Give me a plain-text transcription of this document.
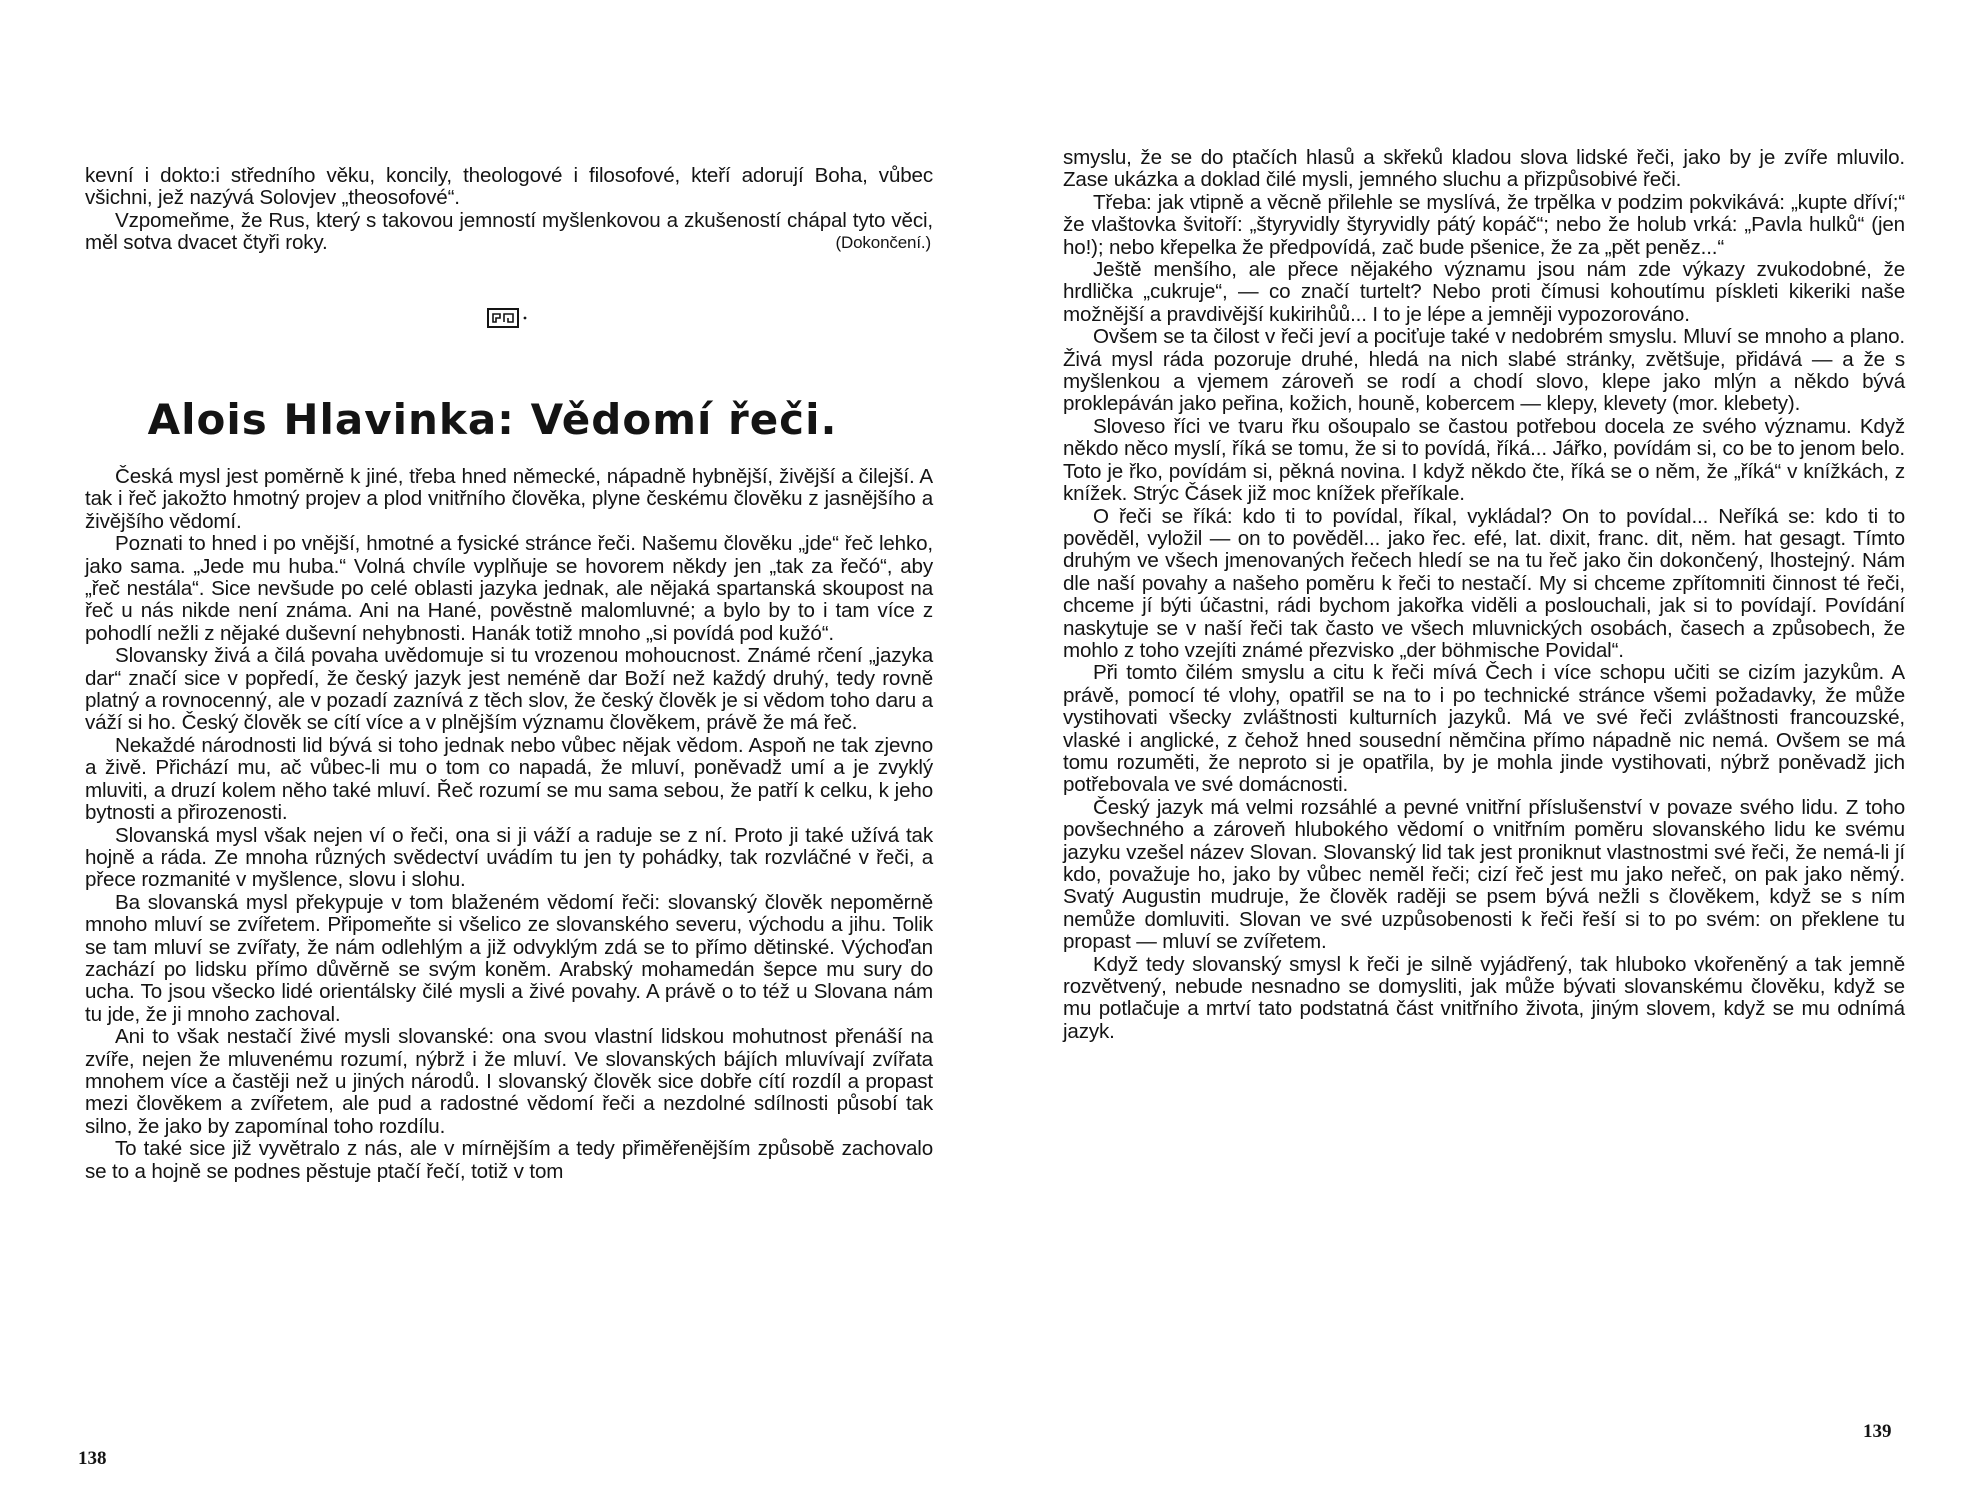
kevní i dokto:i středního věku, koncily, theologové i filosofové, kteří adorují Boha, vůbec všichni, jež nazývá Solovjev „theosofové“.

Vzpomeňme, že Rus, který s takovou jemností myšlenkovou a zkušeností chápal tyto věci, měl sotva dvacet čtyři roky.	(Dokončení.)

Alois Hlavinka: Vědomí řeči.

Česká mysl jest poměrně k jiné, třeba hned německé, nápadně hybnější, živější a čilejší. A tak i řeč jakožto hmotný projev a plod vnitřního člověka, plyne českému člověku z jasnějšího a živějšího vědomí.

Poznati to hned i po vnější, hmotné a fysické stránce řeči. Našemu člověku „jde“ řeč lehko, jako sama. „Jede mu huba.“ Volná chvíle vyplňuje se hovorem někdy jen „tak za řečó“, aby „řeč nestála“. Sice nevšude po celé oblasti jazyka jednak, ale nějaká spartanská skoupost na řeč u nás nikde není známa. Ani na Hané, pověstně malomluvné; a bylo by to i tam více z pohodlí nežli z nějaké duševní nehybnosti. Hanák totiž mnoho „si povídá pod kužó“.

Slovansky živá a čilá povaha uvědomuje si tu vrozenou mohoucnost. Známé rčení „jazyka dar“ značí sice v popředí, že český jazyk jest neméně dar Boží než každý druhý, tedy rovně platný a rovnocenný, ale v pozadí zaznívá z těch slov, že český člověk je si vědom toho daru a váží si ho. Český člověk se cítí více a v plnějším významu člověkem, právě že má řeč.

Nekaždé národnosti lid bývá si toho jednak nebo vůbec nějak vědom. Aspoň ne tak zjevno a živě. Přichází mu, ač vůbec-li mu o tom co napadá, že mluví, poněvadž umí a je zvyklý mluviti, a druzí kolem něho také mluví. Řeč rozumí se mu sama sebou, že patří k celku, k jeho bytnosti a přirozenosti.

Slovanská mysl však nejen ví o řeči, ona si ji váží a raduje se z ní. Proto ji také užívá tak hojně a ráda. Ze mnoha různých svědectví uvádím tu jen ty pohádky, tak rozvláčné v řeči, a přece rozmanité v myšlence, slovu i slohu.

Ba slovanská mysl překypuje v tom blaženém vědomí řeči: slovanský člověk nepoměrně mnoho mluví se zvířetem. Připomeňte si všelico ze slovanského severu, východu a jihu. Tolik se tam mluví se zvířaty, že nám odlehlým a již odvyklým zdá se to přímo dětinské. Výchoďan zachází po lidsku přímo důvěrně se svým koněm. Arabský mohamedán šepce mu sury do ucha. To jsou všecko lidé orientálsky čilé mysli a živé povahy. A právě o to též u Slovana nám tu jde, že ji mnoho zachoval.

Ani to však nestačí živé mysli slovanské: ona svou vlastní lidskou mohutnost přenáší na zvíře, nejen že mluvenému rozumí, nýbrž i že mluví. Ve slovanských bájích mluvívají zvířata mnohem více a častěji než u jiných národů. I slovanský člověk sice dobře cítí rozdíl a propast mezi člověkem a zvířetem, ale pud a radostné vědomí řeči a nezdolné sdílnosti působí tak silno, že jako by zapomínal toho rozdílu.

To také sice již vyvětralo z nás, ale v mírnějším a tedy přiměřenějším způsobě zachovalo se to a hojně se podnes pěstuje ptačí řečí, totiž v tom

138

smyslu, že se do ptačích hlasů a skřeků kladou slova lidské řeči, jako by je zvíře mluvilo. Zase ukázka a doklad čilé mysli, jemného sluchu a přizpůsobivé řeči.

Třeba: jak vtipně a věcně přilehle se myslívá, že trpělka v podzim pokvikává: „kupte dříví;“ že vlaštovka švitoří: „štyryvidly štyryvidly pátý kopáč“; nebo že holub vrká: „Pavla hulků“ (jen ho!); nebo křepelka že předpovídá, zač bude pšenice, že za „pět peněz...“

Ještě menšího, ale přece nějakého významu jsou nám zde výkazy zvukodobné, že hrdlička „cukruje“, — co značí turtelt? Nebo proti čímusi kohoutímu pískleti kikeriki naše možnější a pravdivější kukirihůů... I to je lépe a jemněji vypozorováno.

Ovšem se ta čilost v řeči jeví a pociťuje také v nedobrém smyslu. Mluví se mnoho a plano. Živá mysl ráda pozoruje druhé, hledá na nich slabé stránky, zvětšuje, přidává — a že s myšlenkou a vjemem zároveň se rodí a chodí slovo, klepe jako mlýn a někdo bývá proklepáván jako peřina, kožich, houně, kobercem — klepy, klevety (mor. klebety).

Sloveso říci ve tvaru řku ošoupalo se častou potřebou docela ze svého významu. Když někdo něco myslí, říká se tomu, že si to povídá, říká... Jářko, povídám si, co be to jenom belo. Toto je řko, povídám si, pěkná novina. I když někdo čte, říká se o něm, že „říká“ v knížkách, z knížek. Strýc Čásek již moc knížek přeříkale.

O řeči se říká: kdo ti to povídal, říkal, vykládal? On to povídal... Neříká se: kdo ti to pověděl, vyložil — on to pověděl... jako řec. efé, lat. dixit, franc. dit, něm. hat gesagt. Tímto druhým ve všech jmenovaných řečech hledí se na tu řeč jako čin dokončený, lhostejný. Nám dle naší povahy a našeho poměru k řeči to nestačí. My si chceme zpřítomniti činnost té řeči, chceme jí býti účastni, rádi bychom jakořka viděli a poslouchali, jak si to povídají. Povídání naskytuje se v naší řeči tak často ve všech mluvnických osobách, časech a způsobech, že mohlo z toho vzejíti známé přezvisko „der böhmische Povidal“.

Při tomto čilém smyslu a citu k řeči mívá Čech i více schopu učiti se cizím jazykům. A právě, pomocí té vlohy, opatřil se na to i po technické stránce všemi požadavky, že může vystihovati všecky zvláštnosti kulturních jazyků. Má ve své řeči zvláštnosti francouzské, vlaské i anglické, z čehož hned sousední němčina přímo nápadně nic nemá. Ovšem se má tomu rozuměti, že neproto si je opatřila, by je mohla jinde vystihovati, nýbrž poněvadž jich potřebovala ve své domácnosti.

Český jazyk má velmi rozsáhlé a pevné vnitřní příslušenství v povaze svého lidu. Z toho povšechného a zároveň hlubokého vědomí o vnitřním poměru slovanského lidu ke svému jazyku vzešel název Slovan. Slovanský lid tak jest proniknut vlastnostmi své řeči, že nemá-li jí kdo, považuje ho, jako by vůbec neměl řeči; cizí řeč jest mu jako neřeč, on pak jako němý. Svatý Augustin mudruje, že člověk raději se psem bývá nežli s člověkem, když se s ním nemůže domluviti. Slovan ve své uzpůsobenosti k řeči řeší si to po svém: on překlene tu propast — mluví se zvířetem.

Když tedy slovanský smysl k řeči je silně vyjádřený, tak hluboko vkořeněný a tak jemně rozvětvený, nebude nesnadno se domysliti, jak může bývati slovanskému člověku, když se mu potlačuje a mrtví tato podstatná část vnitřního života, jiným slovem, když se mu odnímá jazyk.

139
